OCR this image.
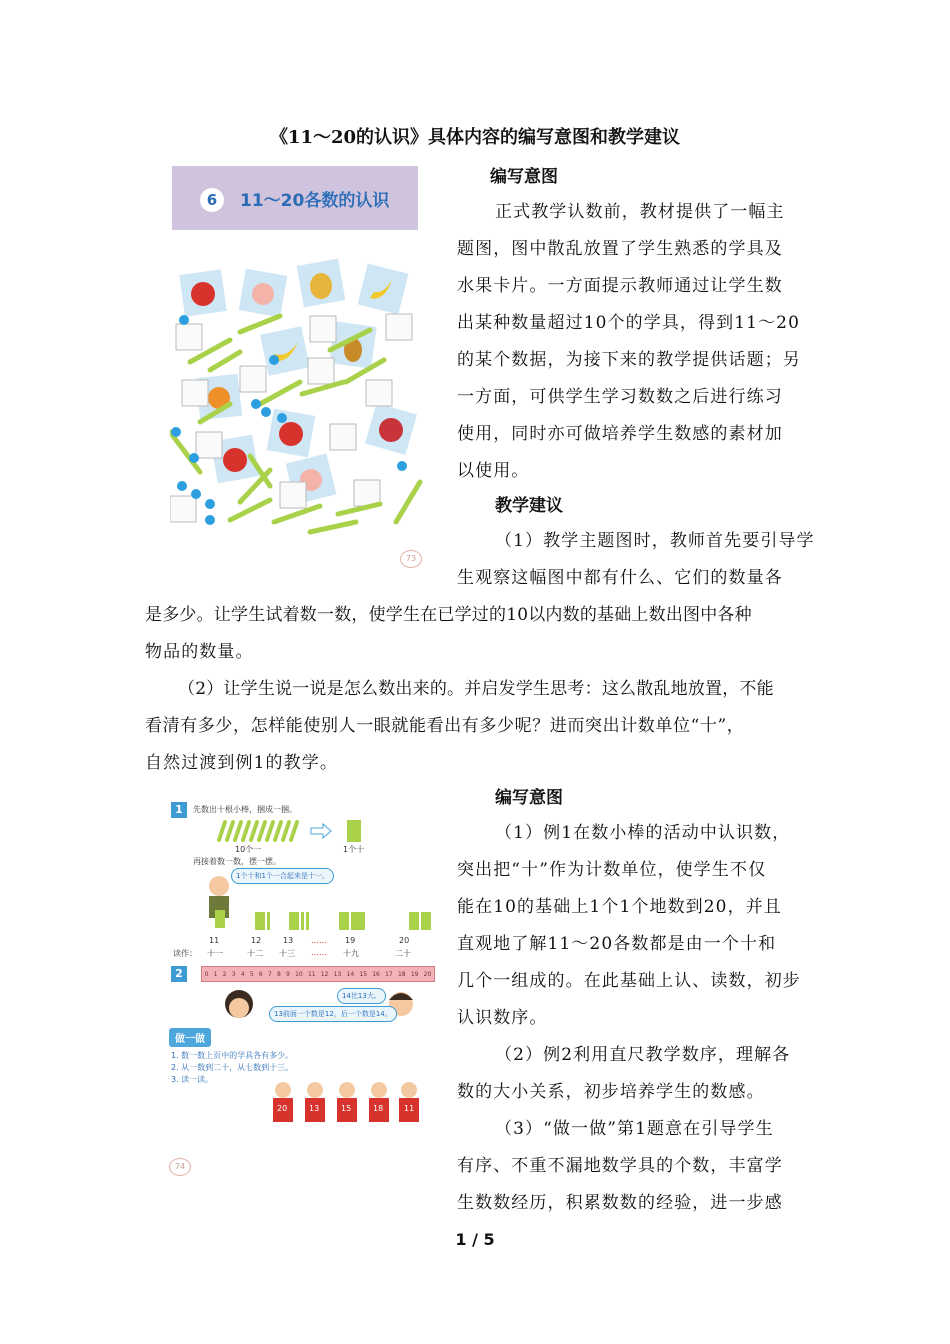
《11～20的认识》具体内容的编写意图和教学建议
编写意图
正式教学认数前，教材提供了一幅主
题图，图中散乱放置了学生熟悉的学具及
水果卡片。一方面提示教师通过让学生数
出某种数量超过10个的学具，得到11～20
的某个数据，为接下来的教学提供话题；另
一方面，可供学生学习数数之后进行练习
使用，同时亦可做培养学生数感的素材加
以使用。
教学建议
（1）教学主题图时，教师首先要引导学
生观察这幅图中都有什么、它们的数量各
是多少。让学生试着数一数，使学生在已学过的10以内数的基础上数出图中各种
物品的数量。
（2）让学生说一说是怎么数出来的。并启发学生思考：这么散乱地放置，不能
看清有多少，怎样能使别人一眼就能看出有多少呢？进而突出计数单位“十”，
自然过渡到例1的教学。
编写意图
（1）例1在数小棒的活动中认识数，
突出把“十”作为计数单位，使学生不仅
能在10的基础上1个1个地数到20，并且
直观地了解11～20各数都是由一个十和
几个一组成的。在此基础上认、读数，初步
认识数序。
（2）例2利用直尺教学数序，理解各
数的大小关系，初步培养学生的数感。
（3）“做一做”第1题意在引导学生
有序、不重不漏地数学具的个数，丰富学
生数数经历，积累数数的经验，进一步感
1 / 5
6	11～20各数的认识
73
1	先数出十根小棒，捆成一捆。
10个一	1个十
再接着数一数，摆一摆。
1个十和1个一合起来是十一。
11	12	13 …… 19	20
读作： 十一	十二 十三 …… 十九	二十
2	0 1 2 3 4 5 6 7 8 9 10 11 12 13 14 15 16 17 18 19 20
14比13大。
13前面一个数是12，后一个数是14。
做一做
1. 数一数上页中的学具各有多少。
2. 从一数到二十，从七数到十三。
3. 读一读。
20	13	15	18	11
74
